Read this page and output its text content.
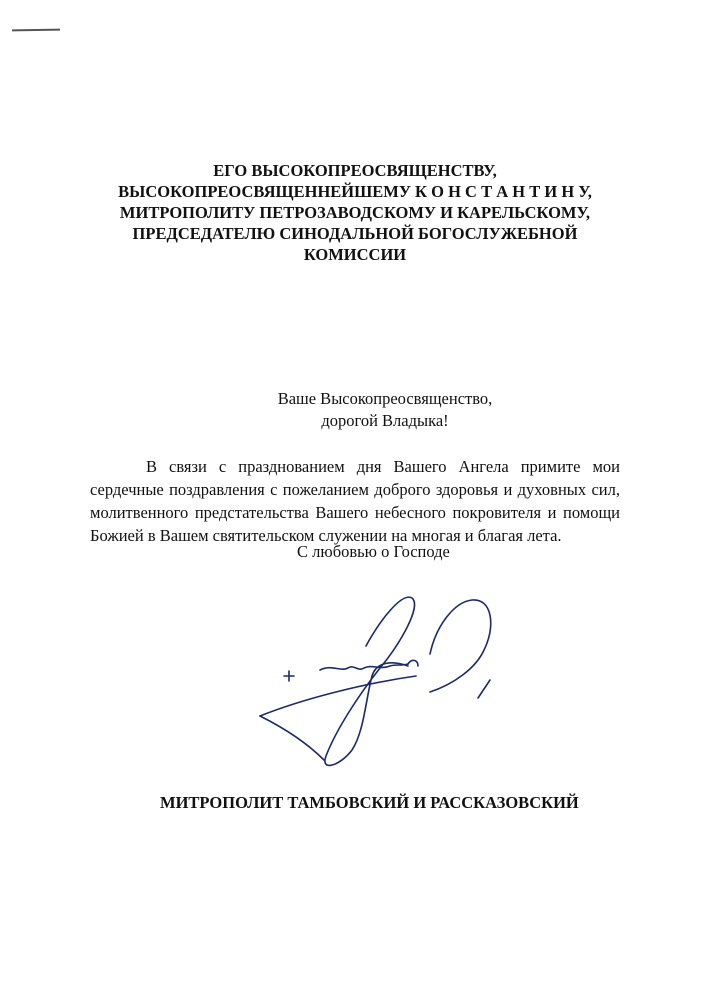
ЕГО ВЫСОКОПРЕОСВЯЩЕНСТВУ,
ВЫСОКОПРЕОСВЯЩЕННЕЙШЕМУ К О Н С Т А Н Т И Н У,
МИТРОПОЛИТУ ПЕТРОЗАВОДСКОМУ И КАРЕЛЬСКОМУ,
ПРЕДСЕДАТЕЛЮ СИНОДАЛЬНОЙ БОГОСЛУЖЕБНОЙ
КОМИССИИ
Ваше Высокопреосвященство,
дорогой Владыка!

В связи с празднованием дня Вашего Ангела примите мои сердечные поздравления с пожеланием доброго здоровья и духовных сил, молитвенного предстательства Вашего небесного покровителя и помощи Божией в Вашем святительском служении на многая и благая лета.

С любовью о Господе
МИТРОПОЛИТ ТАМБОВСКИЙ И РАССКАЗОВСКИЙ
